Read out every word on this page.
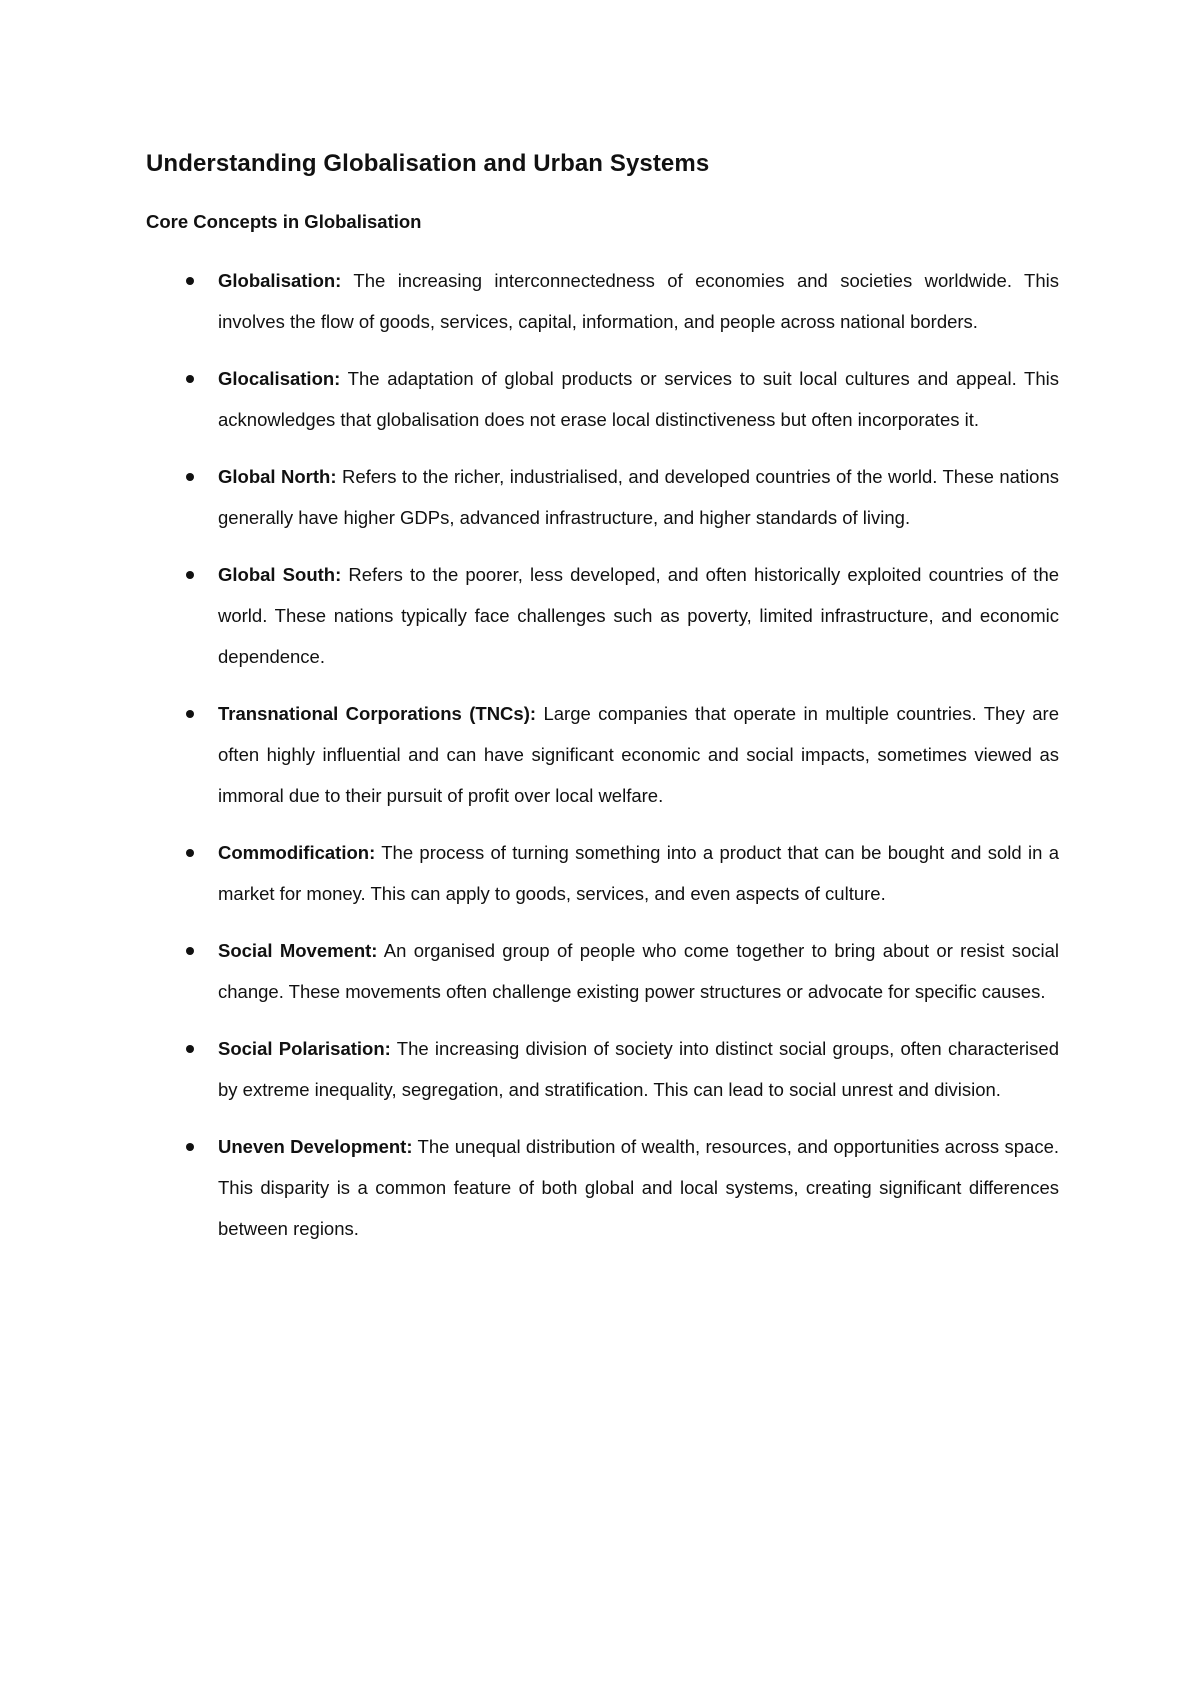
Understanding Globalisation and Urban Systems
Core Concepts in Globalisation
Globalisation: The increasing interconnectedness of economies and societies worldwide. This involves the flow of goods, services, capital, information, and people across national borders.
Glocalisation: The adaptation of global products or services to suit local cultures and appeal. This acknowledges that globalisation does not erase local distinctiveness but often incorporates it.
Global North: Refers to the richer, industrialised, and developed countries of the world. These nations generally have higher GDPs, advanced infrastructure, and higher standards of living.
Global South: Refers to the poorer, less developed, and often historically exploited countries of the world. These nations typically face challenges such as poverty, limited infrastructure, and economic dependence.
Transnational Corporations (TNCs): Large companies that operate in multiple countries. They are often highly influential and can have significant economic and social impacts, sometimes viewed as immoral due to their pursuit of profit over local welfare.
Commodification: The process of turning something into a product that can be bought and sold in a market for money. This can apply to goods, services, and even aspects of culture.
Social Movement: An organised group of people who come together to bring about or resist social change. These movements often challenge existing power structures or advocate for specific causes.
Social Polarisation: The increasing division of society into distinct social groups, often characterised by extreme inequality, segregation, and stratification. This can lead to social unrest and division.
Uneven Development: The unequal distribution of wealth, resources, and opportunities across space. This disparity is a common feature of both global and local systems, creating significant differences between regions.
